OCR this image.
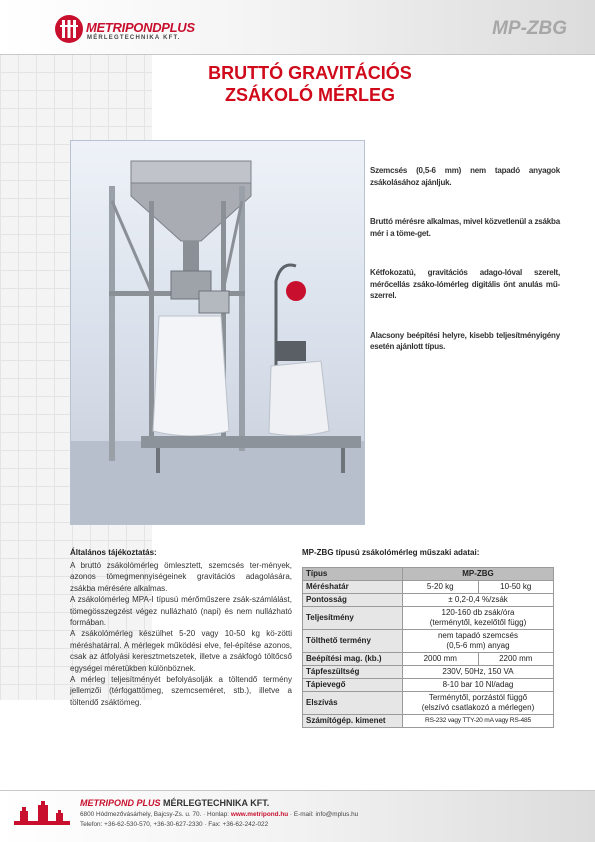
METRIPONDPLUS
MÉRLEGTECHNIKA KFT.	MP-ZBG
BRUTTÓ GRAVITÁCIÓS
ZSÁKOLÓ MÉRLEG

Szemcsés (0,5-6 mm) nem tapadó anyagok zsákolásához ajánljuk.

Bruttó mérésre alkalmas, mivel közvetlenül a zsákba mér i a töme-get.

Kétfokozatú, gravitációs adago-lóval szerelt, mérőcellás zsáko-lómérleg digitális önt anulás mű-szerrel.

Alacsony beépítési helyre, kisebb teljesítményigény esetén ajánlott típus.

Általános tájékoztatás:

A bruttó zsákolómérleg ömlesztett, szemcsés ter-mények, azonos tömegmennyiségeinek gravitációs adagolására, zsákba mérésére alkalmas.

A zsákolómérleg MPA-I típusú mérőműszere zsák-számlálást, tömegösszegzést végez nullázható (napi) és nem nullázható formában.

A zsákolómérleg készülhet 5-20 vagy 10-50 kg kö-zötti méréshatárral. A mérlegek működési elve, fel-építése azonos, csak az átfolyási keresztmetszetek, illetve a zsákfogó töltőcső egységei méretükben különböznek.

A mérleg teljesítményét befolyásolják a töltendő termény jellemzői (térfogattömeg, szemcseméret, stb.), illetve a töltendő zsáktömeg.

MP-ZBG típusú zsákolómérleg műszaki adatai:
Típus	MP-ZBG	
Méréshatár	5-20 kg	10-50 kg
Pontosság	± 0,2-0,4 %/zsák	
Teljesítmény	120-160 db zsák/óra
(terménytől, kezelőtől függ)	

Tölthető termény	nem tapadó szemcsés
(0,5-6 mm) anyag	

Beépítési mag. (kb.)	2000 mm	2200 mm
Tápfeszültség	230V, 50Hz, 150 VA	
Tápievegő	8-10 bar 10 Nl/adag	
Elszívás	Terménytől, porzástól függő
(elszívó csatlakozó a mérlegen)	

Számítógép. kimenet	RS-232 vagy TTY-20 mA vagy RS-485	
METRIPOND PLUS MÉRLEGTECHNIKA KFT.
6800 Hódmezővásárhely, Bajcsy-Zs. u. 70. · Honlap: www.metripond.hu · E-mail: info@mplus.hu
Telefon: +36-62-530-570, +36-30-627-2330 · Fax: +36-62-242-022
